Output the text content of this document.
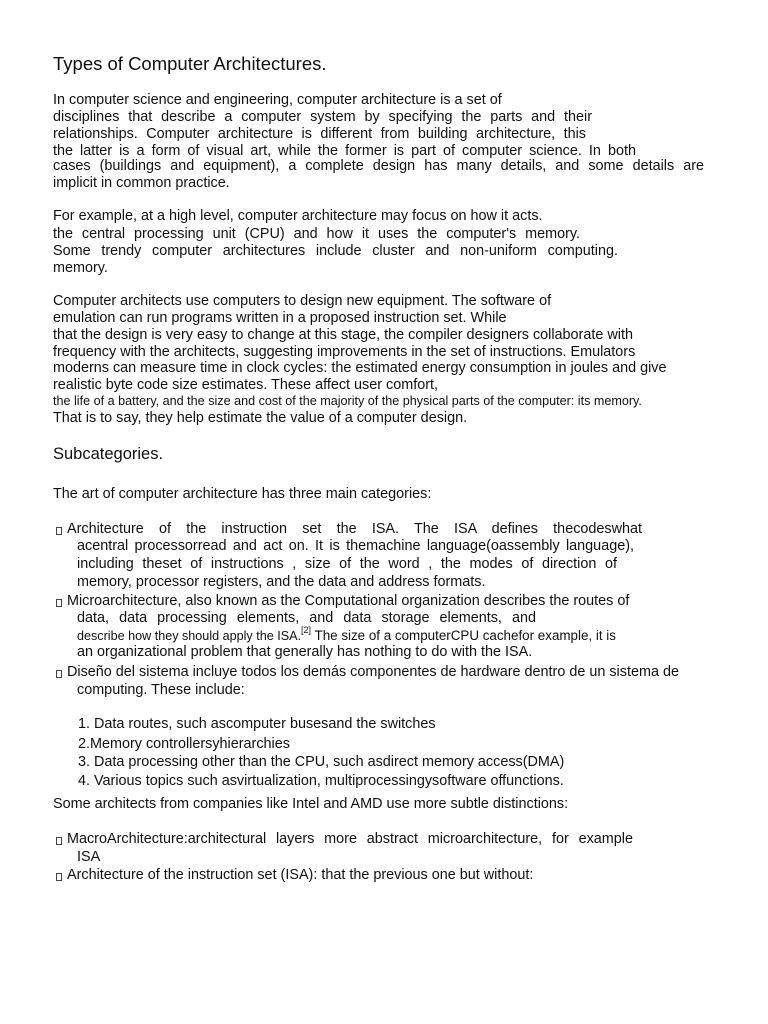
Types of Computer Architectures.
In computer science and engineering, computer architecture is a set of
disciplines that describe a computer system by specifying the parts and their
relationships. Computer architecture is different from building architecture, this
the latter is a form of visual art, while the former is part of computer science. In both
cases (buildings and equipment), a complete design has many details, and some details are
implicit in common practice.
For example, at a high level, computer architecture may focus on how it acts.
the central processing unit (CPU) and how it uses the computer's memory.
Some trendy computer architectures include cluster and non-uniform computing.
memory.
Computer architects use computers to design new equipment. The software of
emulation can run programs written in a proposed instruction set. While
that the design is very easy to change at this stage, the compiler designers collaborate with
frequency with the architects, suggesting improvements in the set of instructions. Emulators
moderns can measure time in clock cycles: the estimated energy consumption in joules and give
realistic byte code size estimates. These affect user comfort,
the life of a battery, and the size and cost of the majority of the physical parts of the computer: its memory.
That is to say, they help estimate the value of a computer design.
Subcategories.
The art of computer architecture has three main categories:
Architecture of the instruction set the ISA. The ISA defines thecodeswhat
acentral processorread and act on. It is themachine language(oassembly language),
including theset of instructions , size of the word , the modes of direction of
memory, processor registers, and the data and address formats.
Microarchitecture, also known as the Computational organization describes the routes of
data, data processing elements, and data storage elements, and
describe how they should apply the ISA.[2] The size of a computerCPU cachefor example, it is
an organizational problem that generally has nothing to do with the ISA.
Diseño del sistema incluye todos los demás componentes de hardware dentro de un sistema de
computing. These include:
1. Data routes, such ascomputer busesand the switches
2.Memory controllersyhierarchies
3. Data processing other than the CPU, such asdirect memory access(DMA)
4. Various topics such asvirtualization, multiprocessingysoftware offunctions.
Some architects from companies like Intel and AMD use more subtle distinctions:
MacroArchitecture:architectural layers more abstract microarchitecture, for example
ISA
Architecture of the instruction set (ISA): that the previous one but without:
